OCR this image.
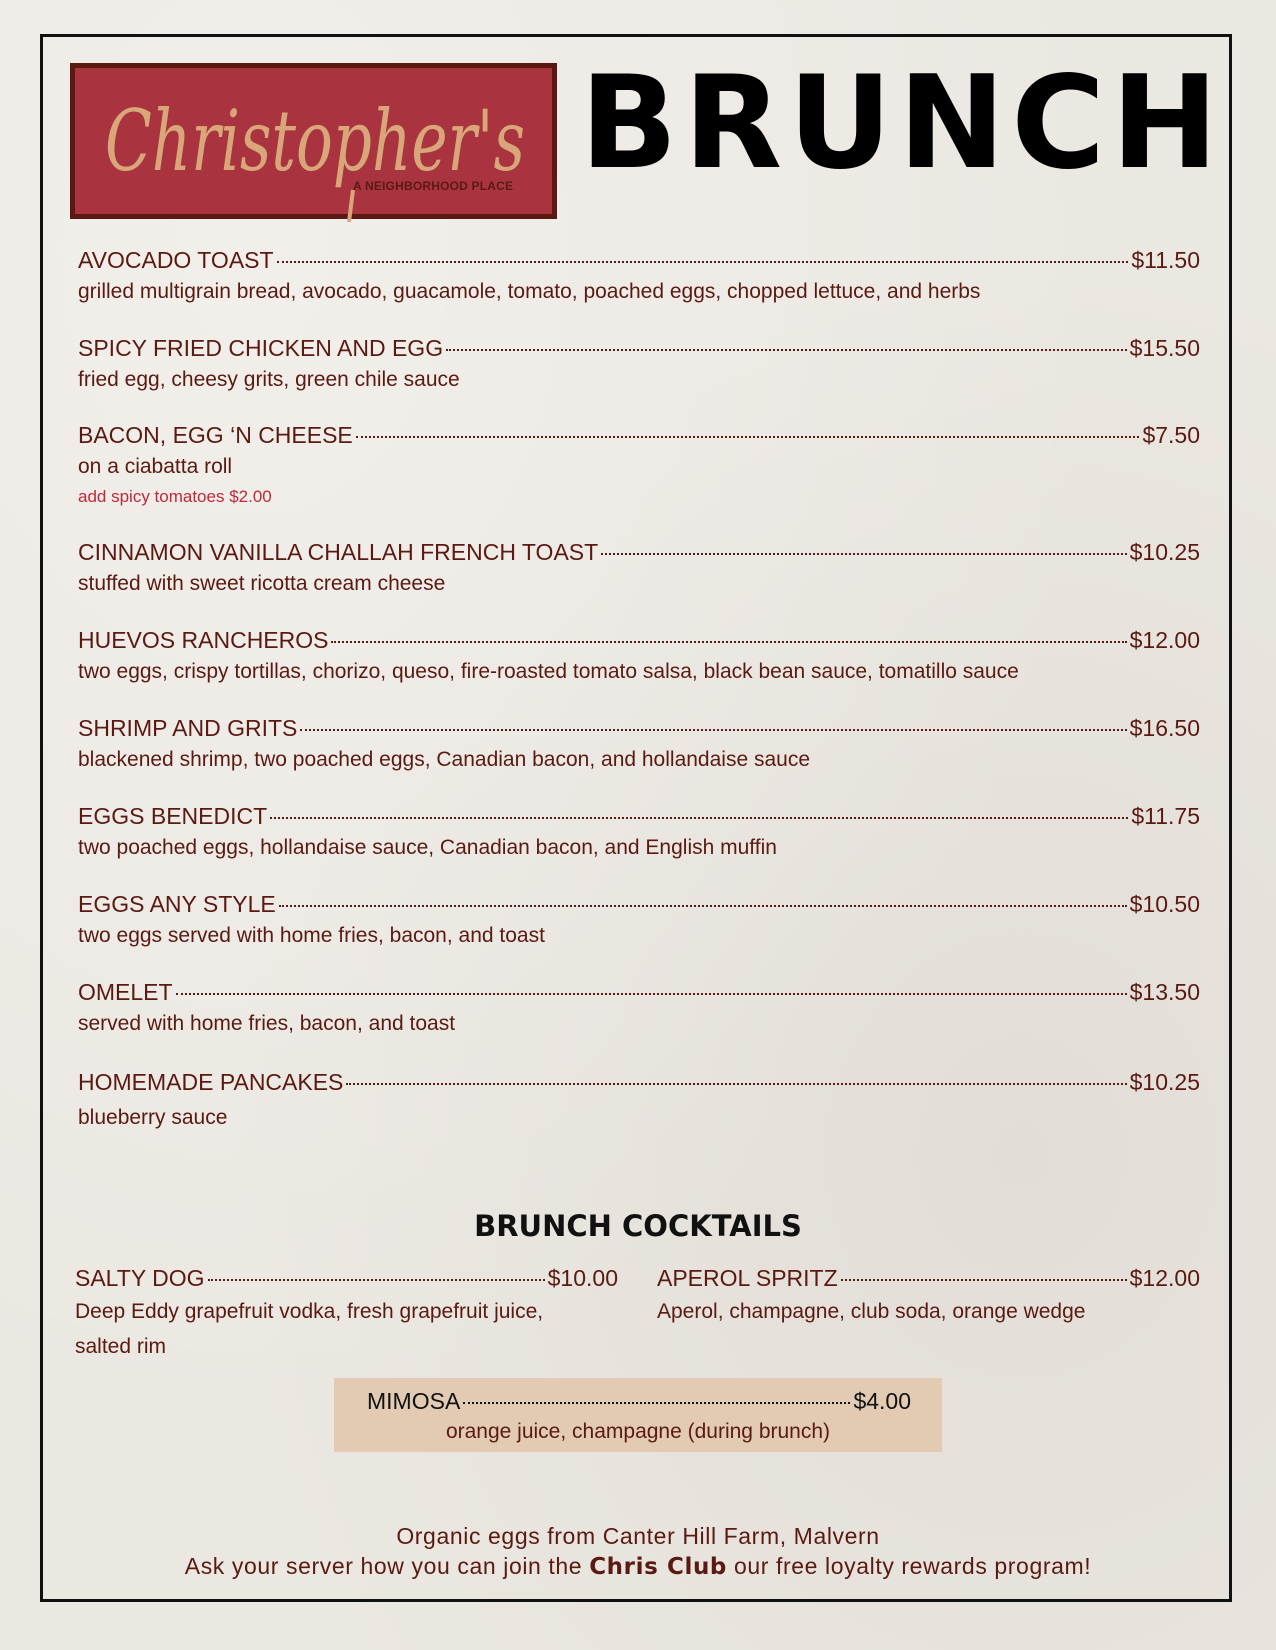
Christopher's
A NEIGHBORHOOD PLACE BRUNCH
AVOCADO TOAST	$11.50
grilled multigrain bread, avocado, guacamole, tomato, poached eggs, chopped lettuce, and herbs
SPICY FRIED CHICKEN AND EGG	$15.50
fried egg, cheesy grits, green chile sauce
BACON, EGG ‘N CHEESE	$7.50
on a ciabatta roll
add spicy tomatoes $2.00
CINNAMON VANILLA CHALLAH FRENCH TOAST	$10.25
stuffed with sweet ricotta cream cheese
HUEVOS RANCHEROS	$12.00
two eggs, crispy tortillas, chorizo, queso, fire-roasted tomato salsa, black bean sauce, tomatillo sauce
SHRIMP AND GRITS	$16.50
blackened shrimp, two poached eggs, Canadian bacon, and hollandaise sauce
EGGS BENEDICT	$11.75
two poached eggs, hollandaise sauce, Canadian bacon, and English muffin
EGGS ANY STYLE	$10.50
two eggs served with home fries, bacon, and toast
OMELET	$13.50
served with home fries, bacon, and toast
HOMEMADE PANCAKES	$10.25
blueberry sauce
BRUNCH COCKTAILS
SALTY DOG	$10.00
Deep Eddy grapefruit vodka, fresh grapefruit juice,
salted rim
APEROL SPRITZ	$12.00
Aperol, champagne, club soda, orange wedge
MIMOSA	$4.00
orange juice, champagne (during brunch)
Organic eggs from Canter Hill Farm, Malvern
Ask your server how you can join the Chris Club our free loyalty rewards program!
